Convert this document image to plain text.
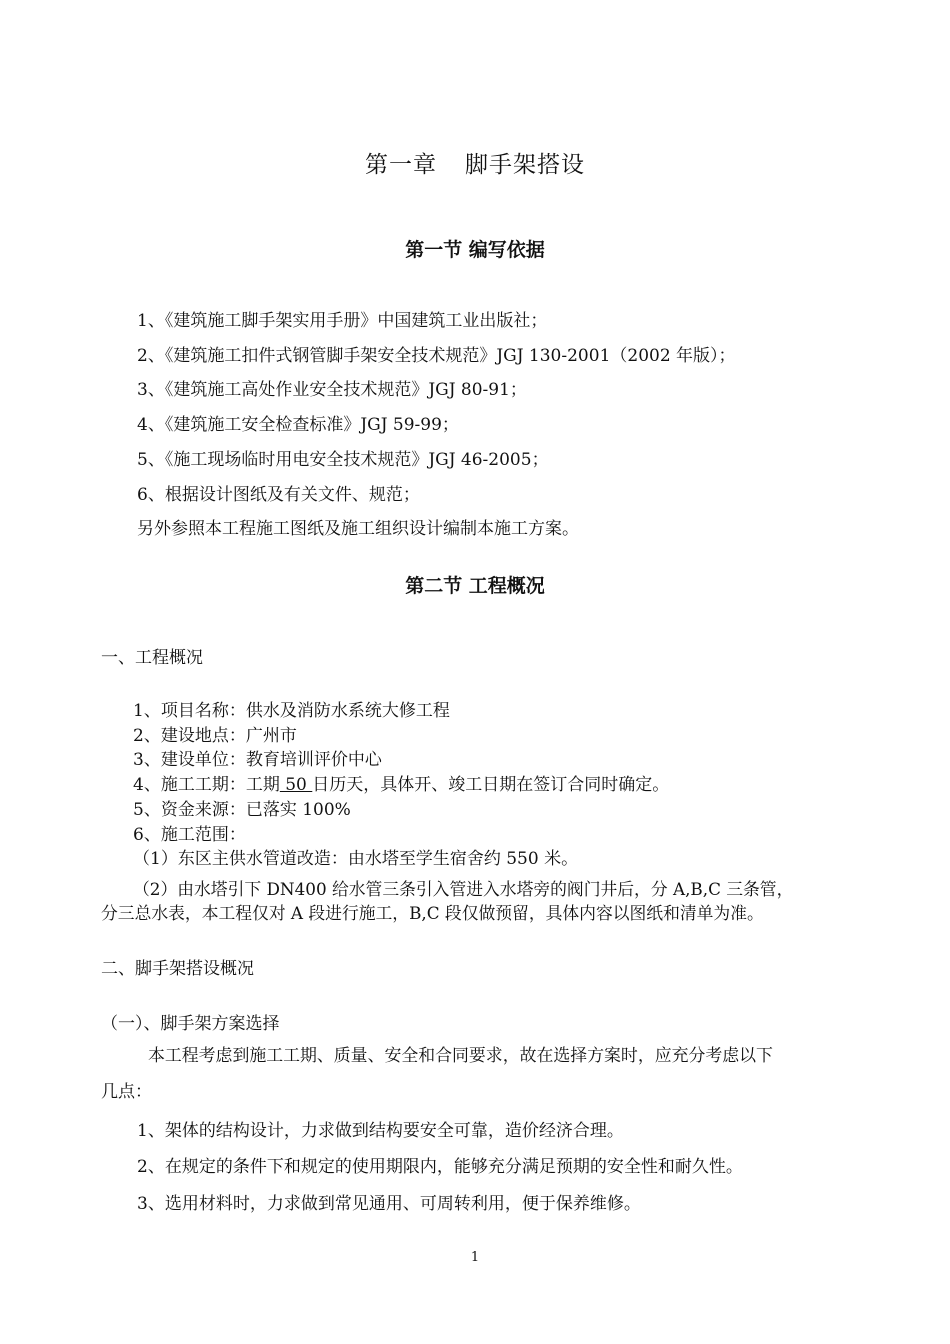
第一章 脚手架搭设
第一节 编写依据
1、《建筑施工脚手架实用手册》中国建筑工业出版社；
2、《建筑施工扣件式钢管脚手架安全技术规范》JGJ 130-2001（2002 年版）；
3、《建筑施工高处作业安全技术规范》JGJ 80-91；
4、《建筑施工安全检查标准》JGJ 59-99；
5、《施工现场临时用电安全技术规范》JGJ 46-2005；
6、根据设计图纸及有关文件、规范；
另外参照本工程施工图纸及施工组织设计编制本施工方案。
第二节 工程概况
一、工程概况
1、项目名称：供水及消防水系统大修工程
2、建设地点：广州市
3、建设单位：教育培训评价中心
4、施工工期：工期 50 日历天，具体开、竣工日期在签订合同时确定。
5、资金来源：已落实 100%
6、施工范围：
（1）东区主供水管道改造：由水塔至学生宿舍约 550 米。
（2）由水塔引下 DN400 给水管三条引入管进入水塔旁的阀门井后，分 A,B,C 三条管，
分三总水表，本工程仅对 A 段进行施工，B,C 段仅做预留，具体内容以图纸和清单为准。
二、脚手架搭设概况
（一）、脚手架方案选择
本工程考虑到施工工期、质量、安全和合同要求，故在选择方案时，应充分考虑以下
几点：
1、架体的结构设计，力求做到结构要安全可靠，造价经济合理。
2、在规定的条件下和规定的使用期限内，能够充分满足预期的安全性和耐久性。
3、选用材料时，力求做到常见通用、可周转利用，便于保养维修。
1
